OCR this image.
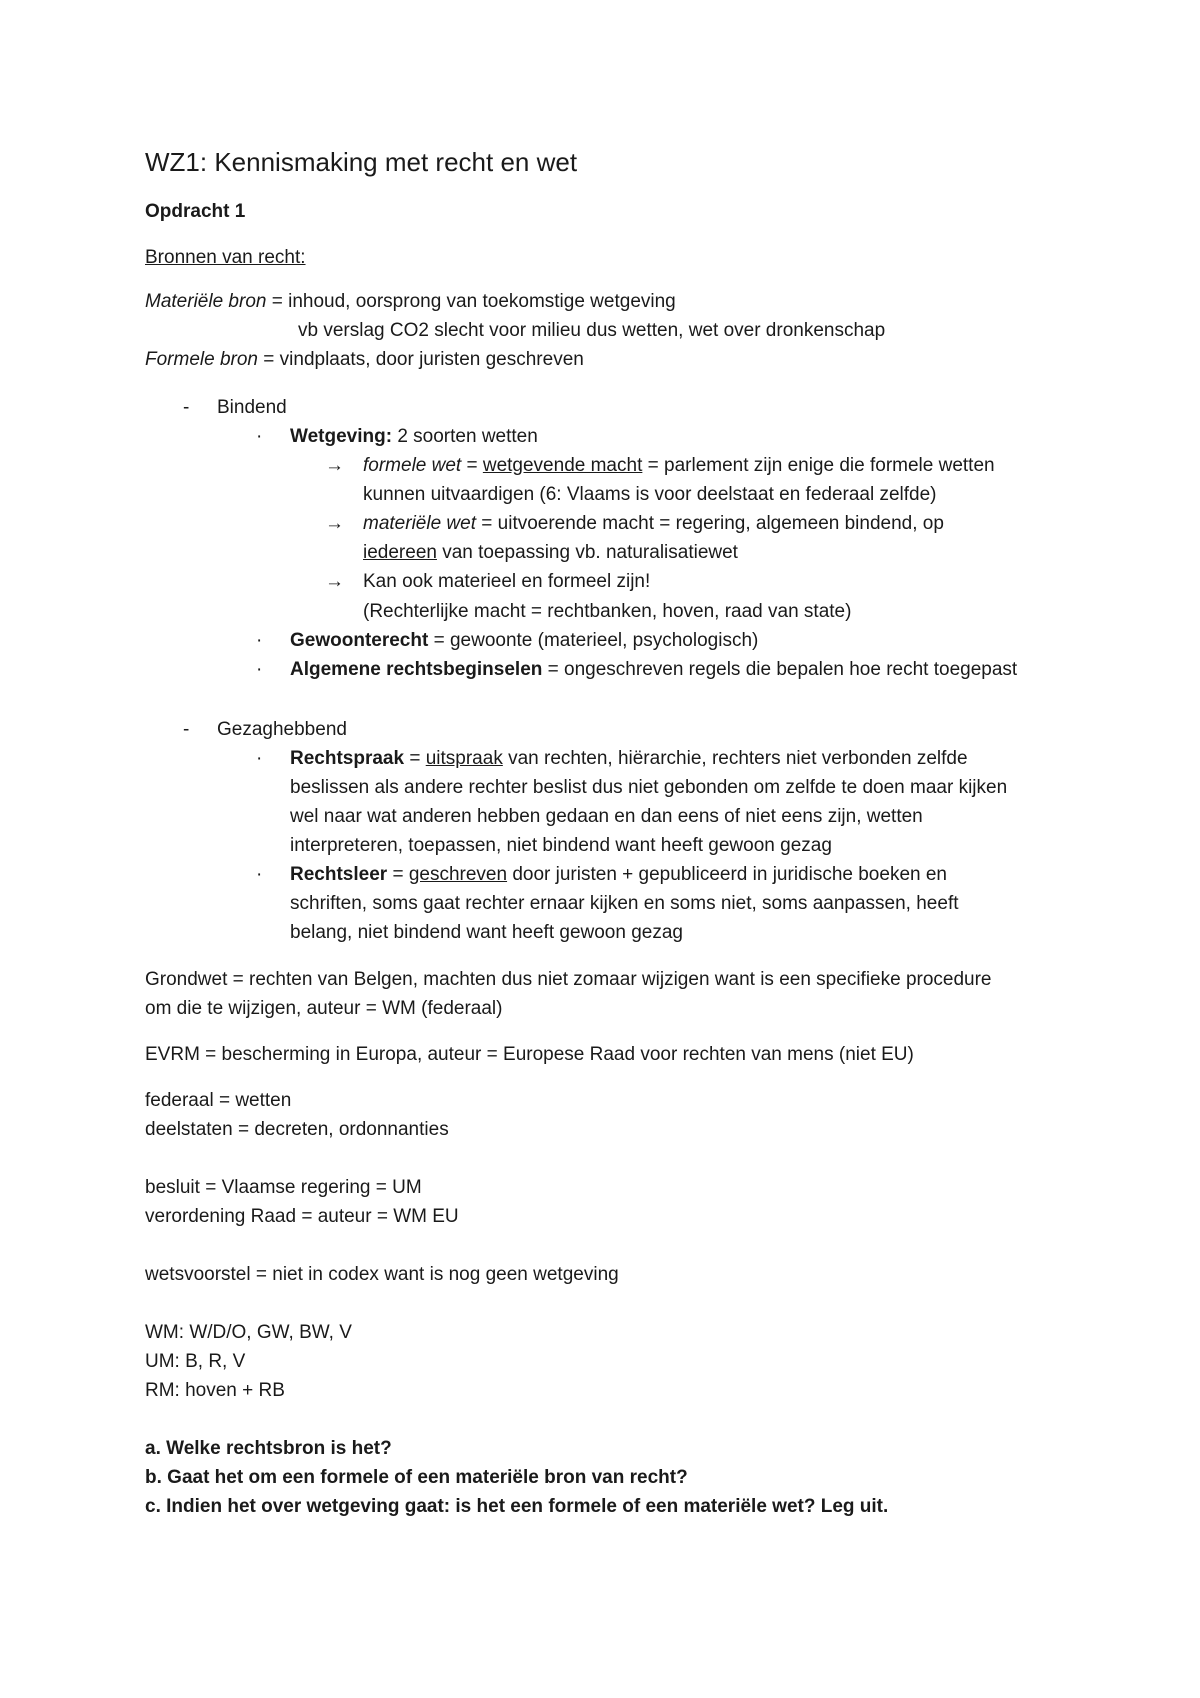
WZ1: Kennismaking met recht en wet
Opdracht 1
Bronnen van recht:
Materiële bron = inhoud, oorsprong van toekomstige wetgeving
vb verslag CO2 slecht voor milieu dus wetten, wet over dronkenschap
Formele bron = vindplaats, door juristen geschreven
- Bindend
· Wetgeving: 2 soorten wetten
→ formele wet = wetgevende macht = parlement zijn enige die formele wetten
kunnen uitvaardigen (6: Vlaams is voor deelstaat en federaal zelfde)
→ materiële wet = uitvoerende macht = regering, algemeen bindend, op
iedereen van toepassing vb. naturalisatiewet
→ Kan ook materieel en formeel zijn!
(Rechterlijke macht = rechtbanken, hoven, raad van state)
· Gewoonterecht = gewoonte (materieel, psychologisch)
· Algemene rechtsbeginselen = ongeschreven regels die bepalen hoe recht toegepast
- Gezaghebbend
· Rechtspraak = uitspraak van rechten, hiërarchie, rechters niet verbonden zelfde
beslissen als andere rechter beslist dus niet gebonden om zelfde te doen maar kijken
wel naar wat anderen hebben gedaan en dan eens of niet eens zijn, wetten
interpreteren, toepassen, niet bindend want heeft gewoon gezag
· Rechtsleer = geschreven door juristen + gepubliceerd in juridische boeken en
schriften, soms gaat rechter ernaar kijken en soms niet, soms aanpassen, heeft
belang, niet bindend want heeft gewoon gezag
Grondwet = rechten van Belgen, machten dus niet zomaar wijzigen want is een specifieke procedure
om die te wijzigen, auteur = WM (federaal)
EVRM = bescherming in Europa, auteur = Europese Raad voor rechten van mens (niet EU)
federaal = wetten
deelstaten = decreten, ordonnanties
besluit = Vlaamse regering = UM
verordening Raad = auteur = WM EU
wetsvoorstel = niet in codex want is nog geen wetgeving
WM: W/D/O, GW, BW, V
UM: B, R, V
RM: hoven + RB
a. Welke rechtsbron is het?
b. Gaat het om een formele of een materiële bron van recht?
c. Indien het over wetgeving gaat: is het een formele of een materiële wet? Leg uit.
